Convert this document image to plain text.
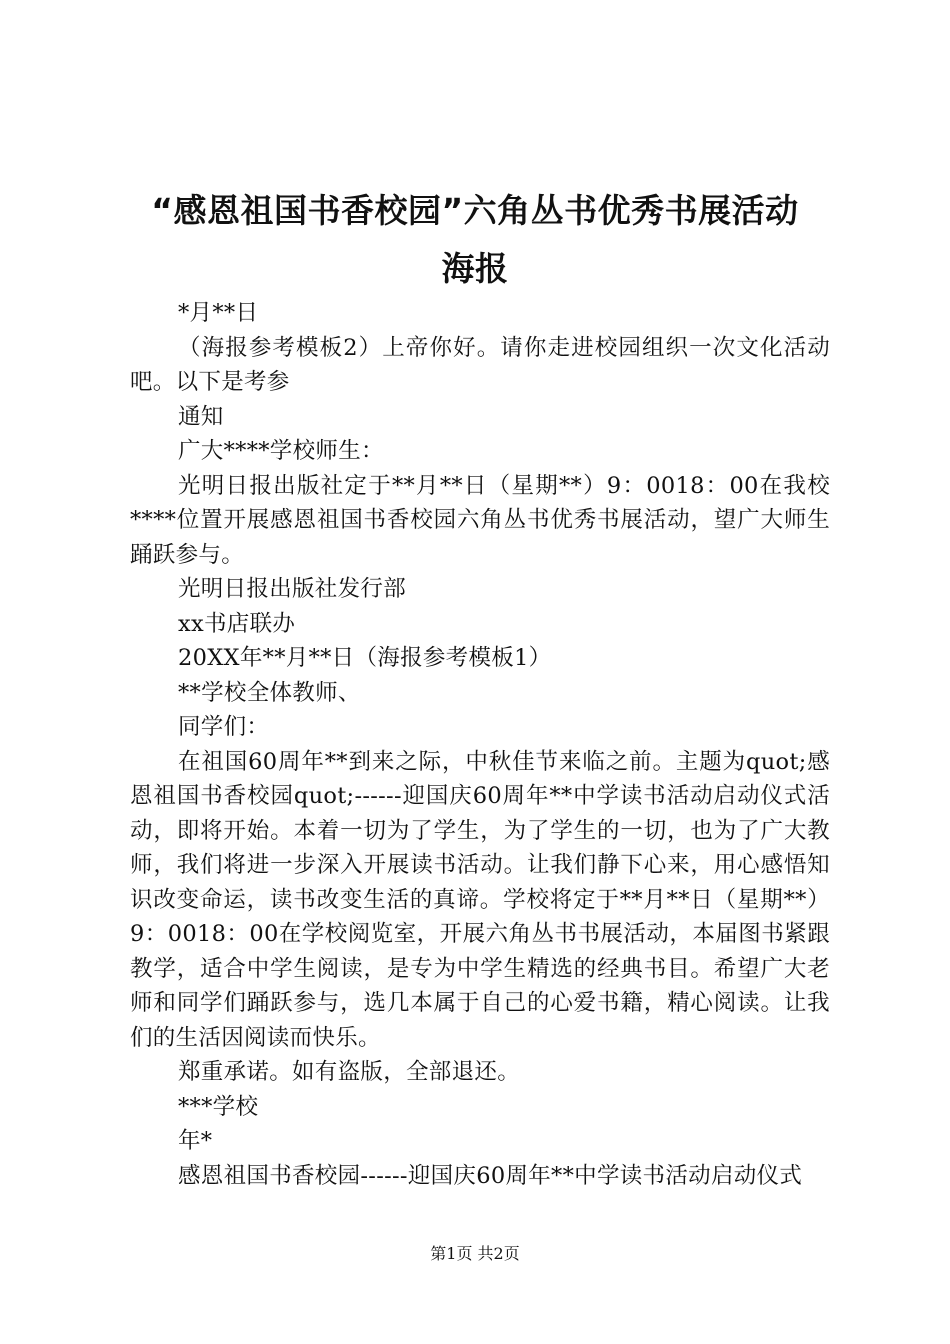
“感恩祖国书香校园”六角丛书优秀书展活动
海报

*月**日

（海报参考模板2）上帝你好。请你走进校园组织一次文化活动吧。以下是考参

通知

广大****学校师生：

光明日报出版社定于**月**日（星期**）9：0018：00在我校****位置开展感恩祖国书香校园六角丛书优秀书展活动，望广大师生踊跃参与。

光明日报出版社发行部

xx书店联办

20XX年**月**日（海报参考模板1）

**学校全体教师、

同学们：

在祖国60周年**到来之际，中秋佳节来临之前。主题为quot;感恩祖国书香校园quot;------迎国庆60周年**中学读书活动启动仪式活动，即将开始。本着一切为了学生，为了学生的一切，也为了广大教师，我们将进一步深入开展读书活动。让我们静下心来，用心感悟知识改变命运，读书改变生活的真谛。学校将定于**月**日（星期**）9：0018：00在学校阅览室，开展六角丛书书展活动，本届图书紧跟教学，适合中学生阅读，是专为中学生精选的经典书目。希望广大老师和同学们踊跃参与，选几本属于自己的心爱书籍，精心阅读。让我们的生活因阅读而快乐。

郑重承诺。如有盗版，全部退还。

***学校

年*

感恩祖国书香校园------迎国庆60周年**中学读书活动启动仪式

第1页 共2页
